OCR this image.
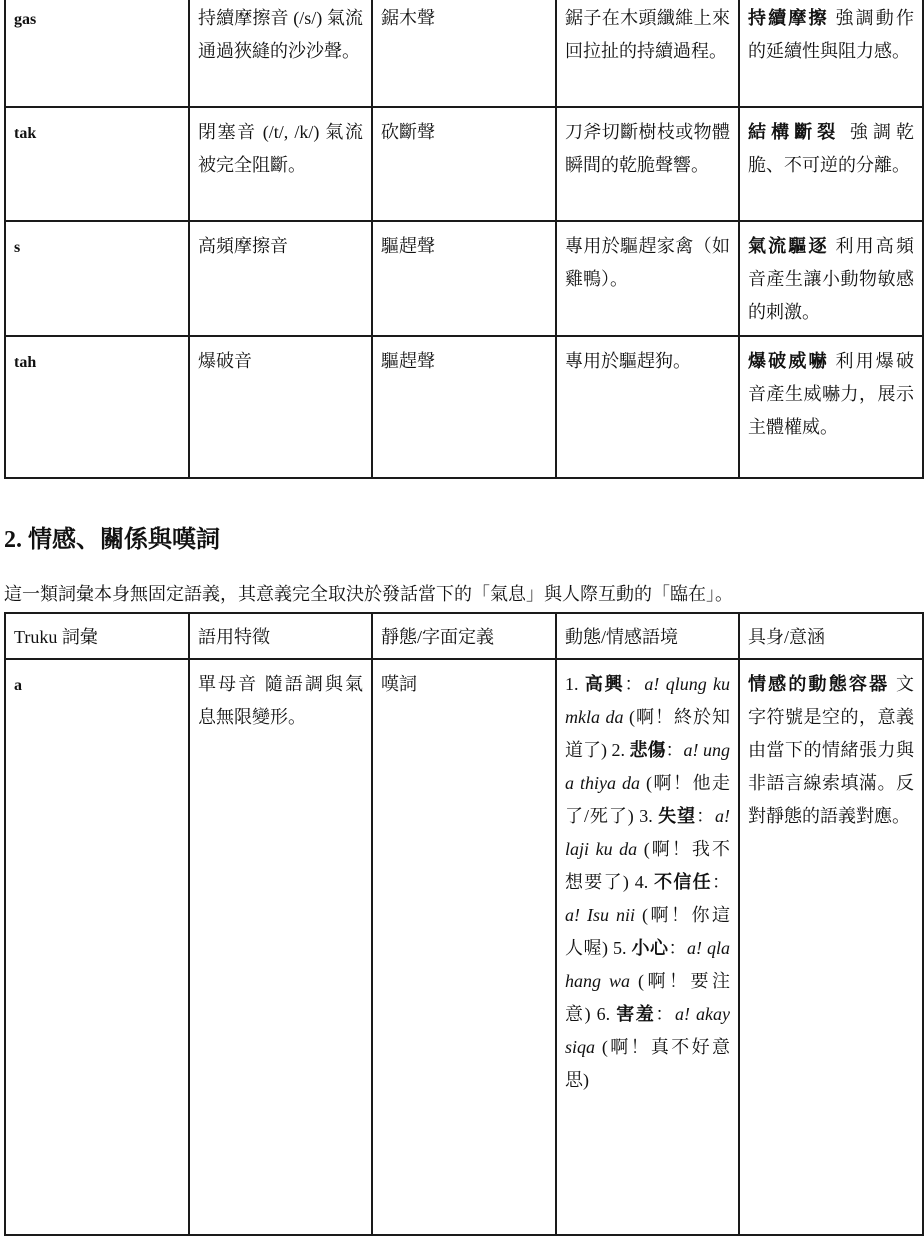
gas	持續摩擦音 (/s/) 氣流通過狹縫的沙沙聲。	鋸木聲	鋸子在木頭纖維上來回拉扯的持續過程。	持續摩擦 強調動作的延續性與阻力感。
tak	閉塞音 (/t/, /k/) 氣流被完全阻斷。	砍斷聲	刀斧切斷樹枝或物體瞬間的乾脆聲響。	結構斷裂 強調乾脆、不可逆的分離。
s	高頻摩擦音	驅趕聲	專用於驅趕家禽（如雞鴨）。	氣流驅逐 利用高頻音產生讓小動物敏感的刺激。
tah	爆破音	驅趕聲	專用於驅趕狗。	爆破威嚇 利用爆破音產生威嚇力，展示主體權威。
2. 情感、關係與嘆詞

這一類詞彙本身無固定語義，其意義完全取決於發話當下的「氣息」與人際互動的「臨在」。

Truku 詞彙	語用特徵	靜態/字面定義	動態/情感語境	具身/意涵
a	單母音 隨語調與氣息無限變形。	嘆詞	1. 高興：a! qlung ku mkla da (啊！終於知道了) 2. 悲傷：a! unga thiya da (啊！他走了/死了) 3. 失望：a! laji ku da (啊！我不想要了) 4. 不信任：a! Isu nii (啊！你這人喔) 5. 小心：a! qlahang wa (啊！要注意) 6. 害羞：a! akay siqa (啊！真不好意思)	情感的動態容器 文字符號是空的，意義由當下的情緒張力與非語言線索填滿。反對靜態的語義對應。
